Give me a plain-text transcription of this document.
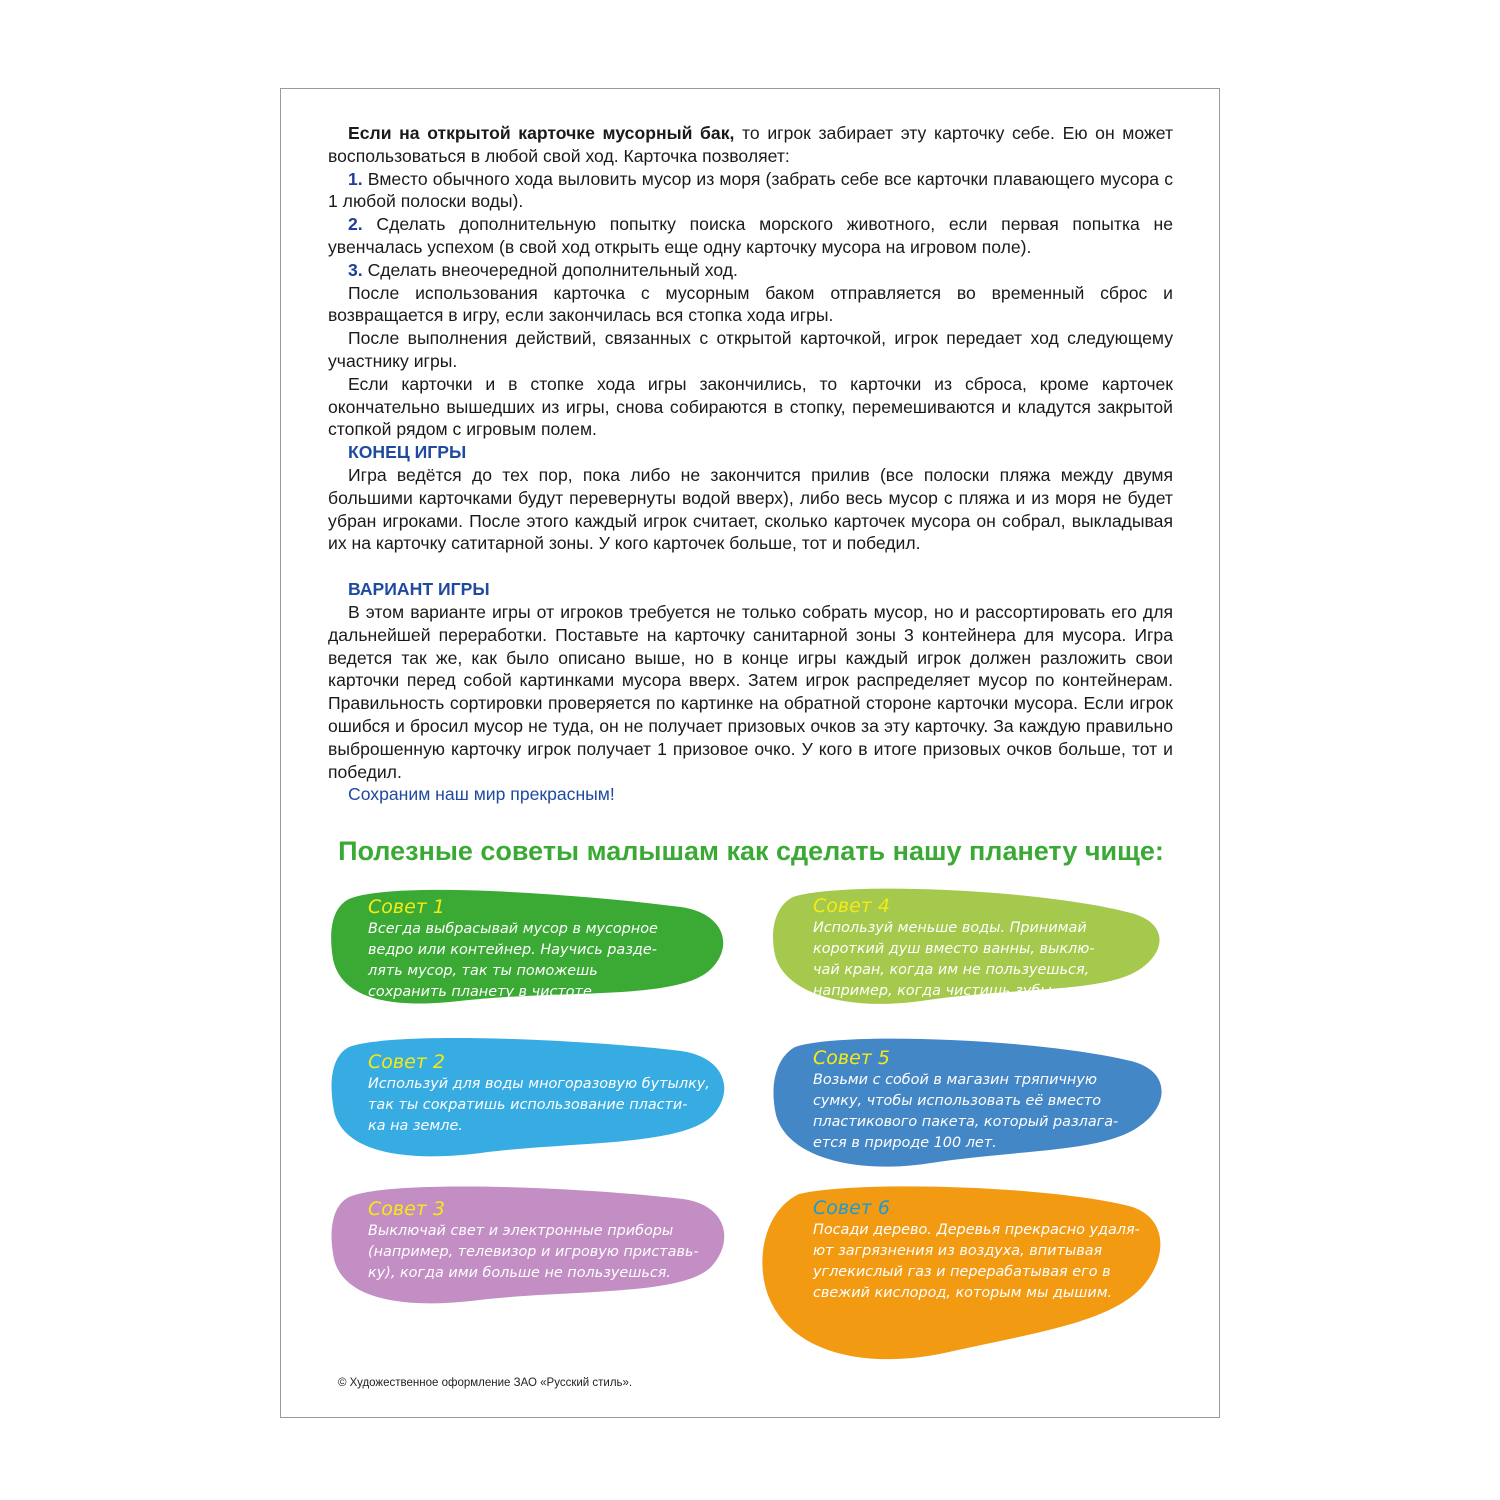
Если на открытой карточке мусорный бак, то игрок забирает эту карточку себе. Ею он может воспользоваться в любой свой ход. Карточка позволяет:

1. Вместо обычного хода выловить мусор из моря (забрать себе все карточки плавающего мусора с 1 любой полоски воды).

2. Сделать дополнительную попытку поиска морского животного, если первая попытка не увенчалась успехом (в свой ход открыть еще одну карточку мусора на игровом поле).

3. Сделать внеочередной дополнительный ход.

После использования карточка с мусорным баком отправляется во временный сброс и возвращается в игру, если закончилась вся стопка хода игры.

После выполнения действий, связанных с открытой карточкой, игрок передает ход следующему участнику игры.

Если карточки и в стопке хода игры закончились, то карточки из сброса, кроме карточек окончательно вышедших из игры, снова собираются в стопку, перемешиваются и кладутся закрытой стопкой рядом с игровым полем.

КОНЕЦ ИГРЫ

Игра ведётся до тех пор, пока либо не закончится прилив (все полоски пляжа между двумя большими карточками будут перевернуты водой вверх), либо весь мусор с пляжа и из моря не будет убран игроками. После этого каждый игрок считает, сколько карточек мусора он собрал, выкладывая их на карточку сатитарной зоны. У кого карточек больше, тот и победил.

ВАРИАНТ ИГРЫ

В этом варианте игры от игроков требуется не только собрать мусор, но и рассортировать его для дальнейшей переработки. Поставьте на карточку санитарной зоны 3 контейнера для мусора. Игра ведется так же, как было описано выше, но в конце игры каждый игрок должен разложить свои карточки перед собой картинками мусора вверх. Затем игрок распределяет мусор по контейнерам. Правильность сортировки проверяется по картинке на обратной стороне карточки мусора. Если игрок ошибся и бросил мусор не туда, он не получает призовых очков за эту карточку. За каждую правильно выброшенную карточку игрок получает 1 призовое очко. У кого в итоге призовых очков больше, тот и победил.

Сохраним наш мир прекрасным!

Полезные советы малышам как сделать нашу планету чище:
Совет 1
Всегда выбрасывай мусор в мусорное
ведро или контейнер. Научись разде-
лять мусор, так ты поможешь
сохранить планету в чистоте.
Совет 2
Используй для воды многоразовую бутылку,
так ты сократишь использование пласти-
ка на земле.
Совет 3
Выключай свет и электронные приборы
(например, телевизор и игровую приставь-
ку), когда ими больше не пользуешься.
Совет 4
Используй меньше воды. Принимай
короткий душ вместо ванны, выклю-
чай кран, когда им не пользуешься,
например, когда чистишь зубы.
Совет 5
Возьми с собой в магазин тряпичную
сумку, чтобы использовать её вместо
пластикового пакета, который разлага-
ется в природе 100 лет.
Совет 6
Посади дерево. Деревья прекрасно удаля-
ют загрязнения из воздуха, впитывая
углекислый газ и перерабатывая его в
свежий кислород, которым мы дышим.
© Художественное оформление ЗАО «Русский стиль».
